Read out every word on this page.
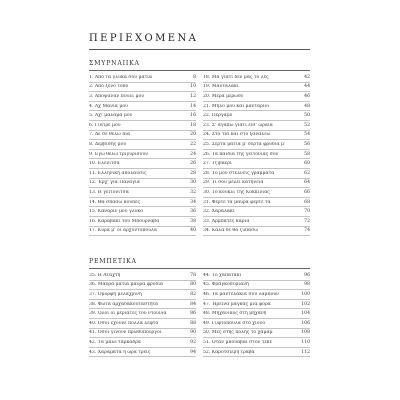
ΠΕΡΙΕΧΟΜΕΝΑ
ΣΜΥΡΝΑΙΙΚΑ
1. Από τα γλυκά σου μάτια	8
2. Από ξένο τόπο	10
3. Απόψαναν πουλί μου	12
4. Αχ Μανιά μου	14
5. Αχ! μάλαμα μου	16
6. Γιατρέ μου	18
7. Δε σε θέλω πια	20
8. Δερβίσης μου	22
9. Εγώ θέλω τριγυρίσουν	24
10. Ελενίτσα	26
11. Ελληνική απόλαυσις	28
12. Έρχ' για Παναγιά	30
13. Η γειτονίτσα	32
14. Θα σπάσω κούπες	34
15. Κανάριν μου γλυκό	36
16. Καραβάκι του Μπουρνάβα	38
17. Κυρά μ' οι αρχοντοπούλα	40
18. Μα γιατί δεν μας το λες	42
19. Μανταλάκι	44
20. Μέρα μέρωσε	46
21. Μήλο μου και μανταρίνι	48
22. Πέργαμο	50
23. Σ' αγαπώ γιατί είσ' ωραία	52
24. Στο 'πα και στο ξαναλέω	54
25. Σέρτα μάτια μ' σέρτα φρύδια μ'	56
26. Τα παιδιά της γειτονιάς σου	58
27. Τζιβαέρι	60
28. Το μου στέλνεις γράμματα	62
29. Τι σου μέλει κατήνεια	64
30. Το κουκλί της Κοκκινιάς	66
31. Φέρτε τα μαύρα φέρτε τα	68
32. Χαραλάκι	70
33. Αρμπάτες καριά	72
34. Καλά δε θα ζυπάσω	74
ΡΕΜΠΕΤΙΚΑ
35. Η Αταχτη	78
36. Μαύρα μάτια μαύρα φρύδια	80
37. Όμορφη μελαχρινή	82
38. Φώτα αρχαδακουταστήτα	84
39. Όλοι οι μεριάτες του ντουνιά	86
40. Όσοι έχουνε πολλά λεφτά	88
41. Όσοι γινούν πρωθυπουργοί	90
42. Τα μπλε ταρκάδρα	92
43. Χαράματα η ώρα τρεις	94
44. Το χαπατάκι	96
45. Φραγκοσυριανή	98
46. Τα μαντελάκιά σου λάμπουν	100
47. Ήρεινα μάγκας μια φορά	102
48. Μηχανικός στη μηχανή	104
49. Γυφτοπούλα στο χιόνο	106
50. Μες στης πόλης το χαμάμ	108
51. Όταν μπουάβαι στον τεκέ	110
52. Καροτσιέρη τράβα	112
